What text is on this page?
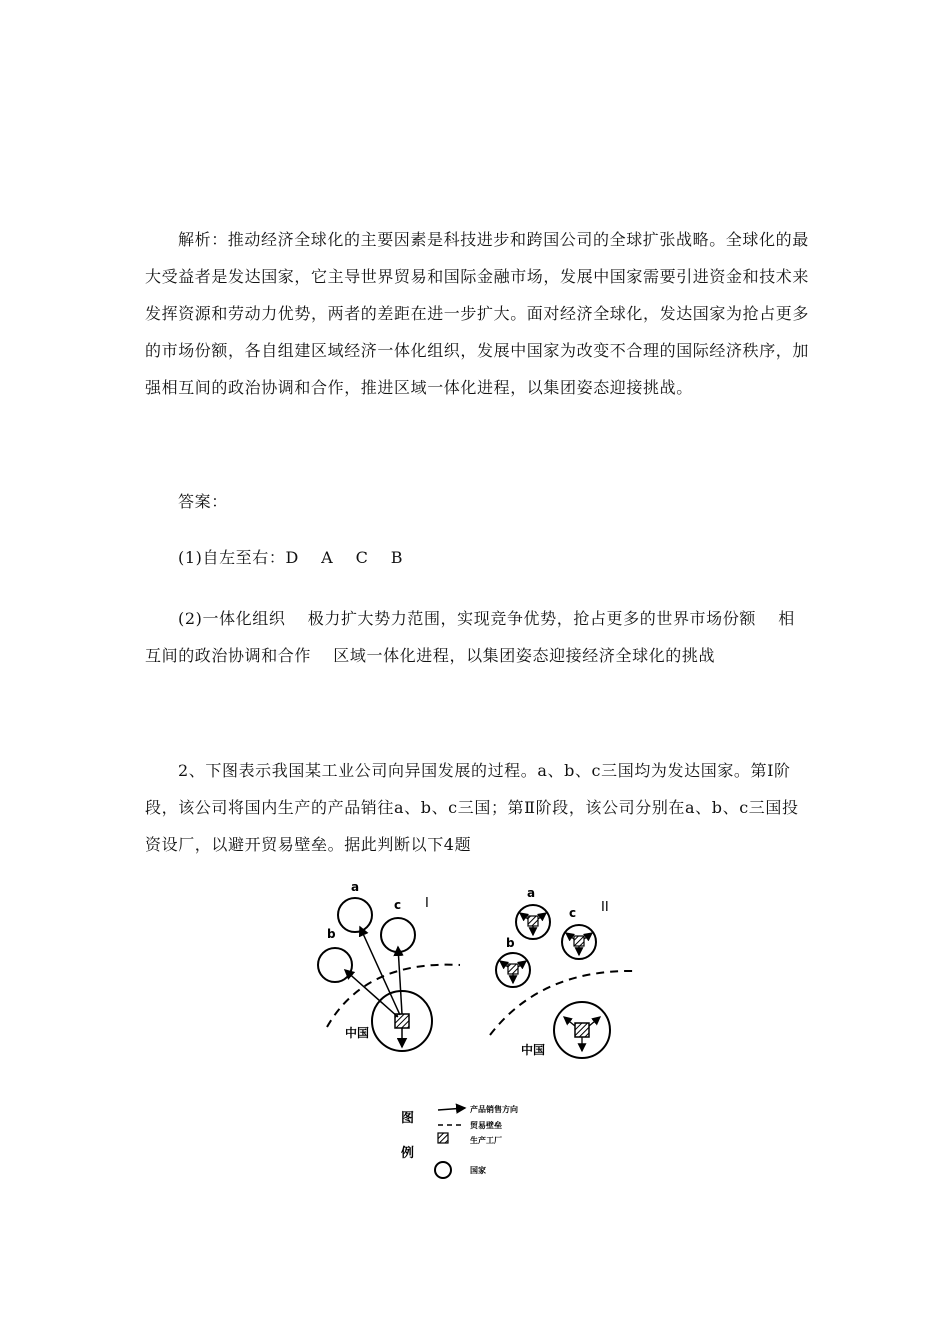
解析：推动经济全球化的主要因素是科技进步和跨国公司的全球扩张战略。全球化的最大受益者是发达国家，它主导世界贸易和国际金融市场，发展中国家需要引进资金和技术来发挥资源和劳动力优势，两者的差距在进一步扩大。面对经济全球化，发达国家为抢占更多的市场份额，各自组建区域经济一体化组织，发展中国家为改变不合理的国际经济秩序，加强相互间的政治协调和合作，推进区域一体化进程，以集团姿态迎接挑战。
答案：
(1)自左至右：D　 A　 C　 B
(2)一体化组织　 极力扩大势力范围，实现竞争优势，抢占更多的世界市场份额　 相互间的政治协调和合作　 区域一体化进程，以集团姿态迎接经济全球化的挑战
2、下图表示我国某工业公司向异国发展的过程。a、b、c三国均为发达国家。第Ⅰ阶段，该公司将国内生产的产品销往a、b、c三国；第Ⅱ阶段，该公司分别在a、b、c三国投资设厂，以避开贸易壁垒。据此判断以下4题
a
b
c I
中国
a
b
c II
中国
图
例
产品销售方向
贸易壁垒
生产工厂
国家
